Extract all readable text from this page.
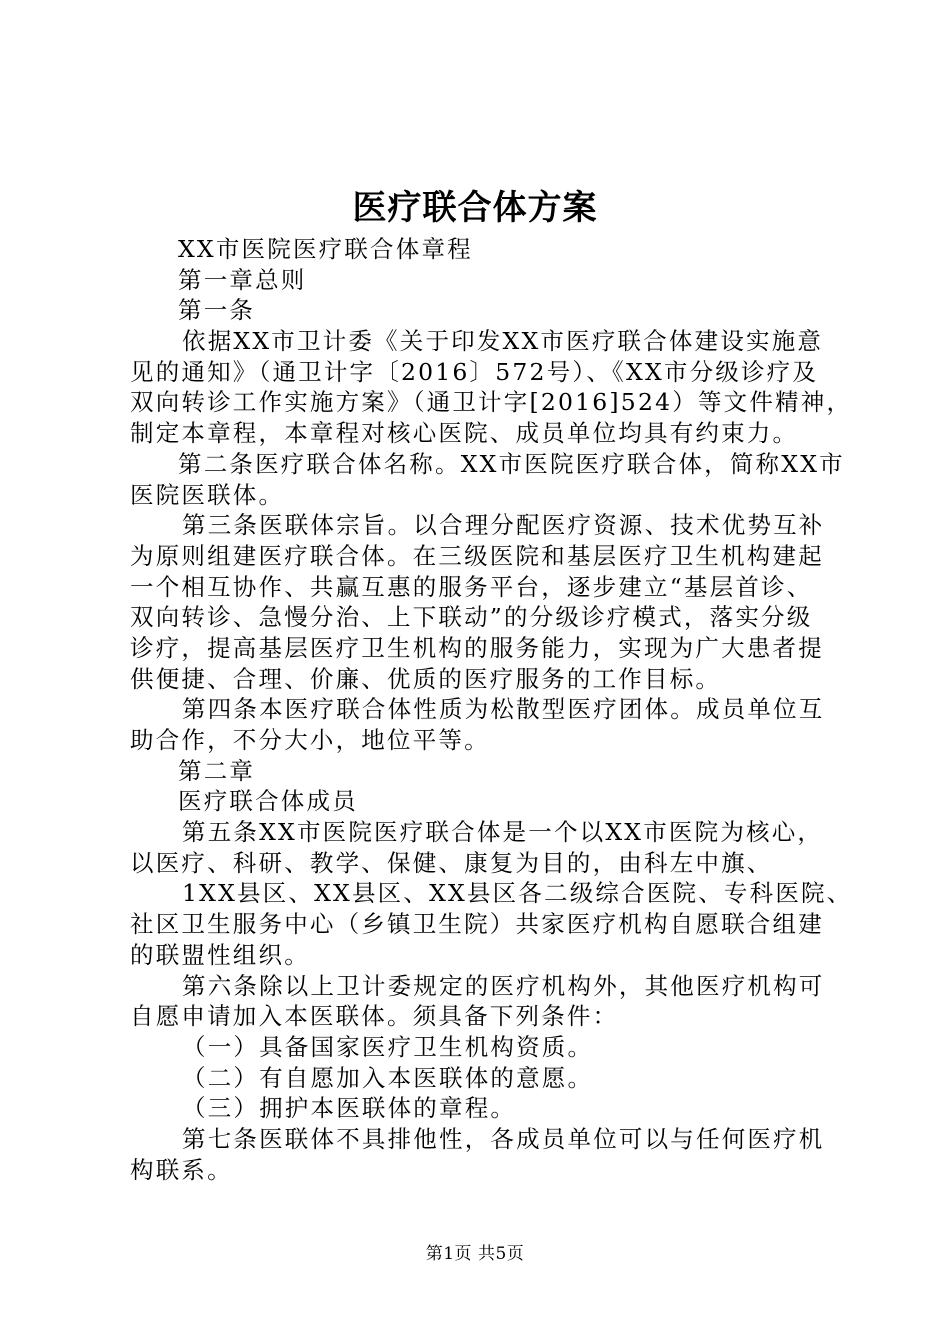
医疗联合体方案
XX市医院医疗联合体章程
第一章总则
第一条
依据XX市卫计委《关于印发XX市医疗联合体建设实施意
见的通知》（通卫计字〔2016〕572号）、《XX市分级诊疗及
双向转诊工作实施方案》（通卫计字[2016]524）等文件精神，
制定本章程，本章程对核心医院、成员单位均具有约束力。
第二条医疗联合体名称。XX市医院医疗联合体，简称XX市
医院医联体。
第三条医联体宗旨。以合理分配医疗资源、技术优势互补
为原则组建医疗联合体。在三级医院和基层医疗卫生机构建起
一个相互协作、共赢互惠的服务平台，逐步建立“基层首诊、
双向转诊、急慢分治、上下联动”的分级诊疗模式，落实分级
诊疗，提高基层医疗卫生机构的服务能力，实现为广大患者提
供便捷、合理、价廉、优质的医疗服务的工作目标。
第四条本医疗联合体性质为松散型医疗团体。成员单位互
助合作，不分大小，地位平等。
第二章
医疗联合体成员
第五条XX市医院医疗联合体是一个以XX市医院为核心，
以医疗、科研、教学、保健、康复为目的，由科左中旗、
1XX县区、XX县区、XX县区各二级综合医院、专科医院、
社区卫生服务中心（乡镇卫生院）共家医疗机构自愿联合组建
的联盟性组织。
第六条除以上卫计委规定的医疗机构外，其他医疗机构可
自愿申请加入本医联体。须具备下列条件：
（一）具备国家医疗卫生机构资质。
（二）有自愿加入本医联体的意愿。
（三）拥护本医联体的章程。
第七条医联体不具排他性，各成员单位可以与任何医疗机
构联系。
第1页 共5页
